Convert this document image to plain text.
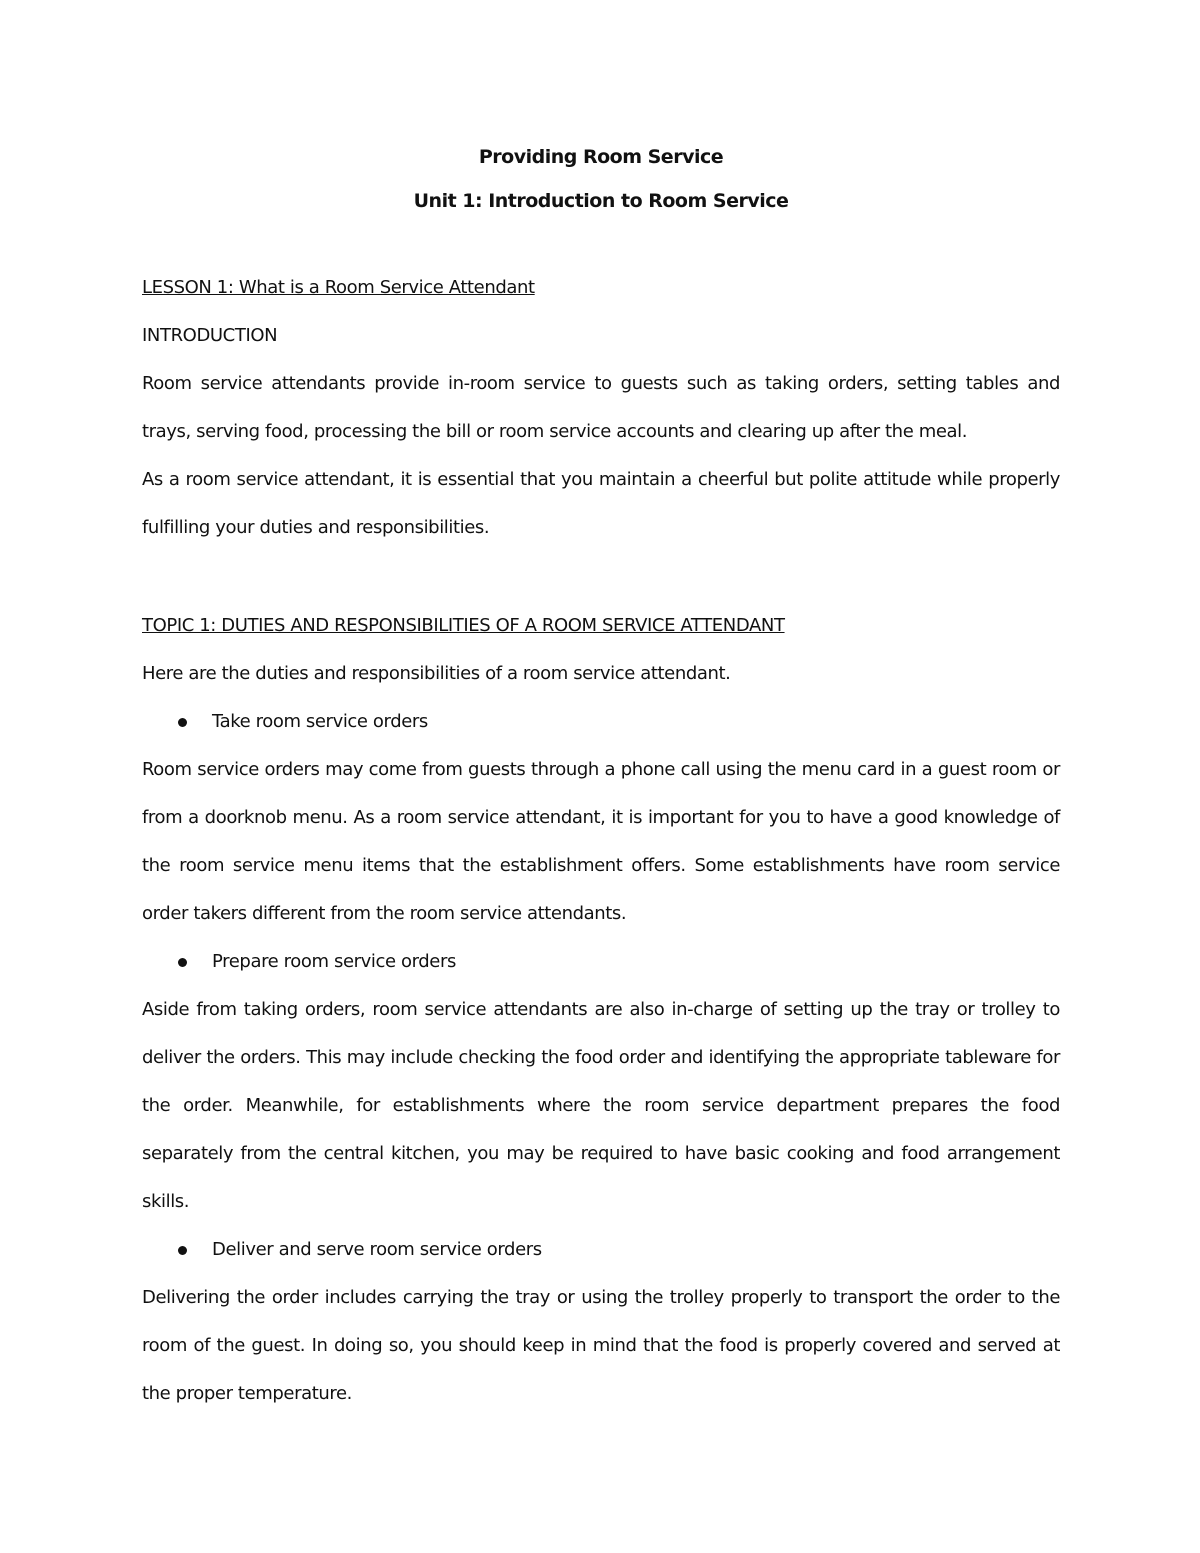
Providing Room Service

Unit 1: Introduction to Room Service

LESSON 1: What is a Room Service Attendant

INTRODUCTION

Room service attendants provide in-room service to guests such as taking orders, setting tables and trays, serving food, processing the bill or room service accounts and clearing up after the meal.

As a room service attendant, it is essential that you maintain a cheerful but polite attitude while properly fulfilling your duties and responsibilities.

TOPIC 1: DUTIES AND RESPONSIBILITIES OF A ROOM SERVICE ATTENDANT

Here are the duties and responsibilities of a room service attendant.

Take room service orders

Room service orders may come from guests through a phone call using the menu card in a guest room or from a doorknob menu. As a room service attendant, it is important for you to have a good knowledge of the room service menu items that the establishment offers. Some establishments have room service order takers different from the room service attendants.

Prepare room service orders

Aside from taking orders, room service attendants are also in-charge of setting up the tray or trolley to deliver the orders. This may include checking the food order and identifying the appropriate tableware for the order. Meanwhile, for establishments where the room service department prepares the food separately from the central kitchen, you may be required to have basic cooking and food arrangement skills.

Deliver and serve room service orders

Delivering the order includes carrying the tray or using the trolley properly to transport the order to the room of the guest. In doing so, you should keep in mind that the food is properly covered and served at the proper temperature.
